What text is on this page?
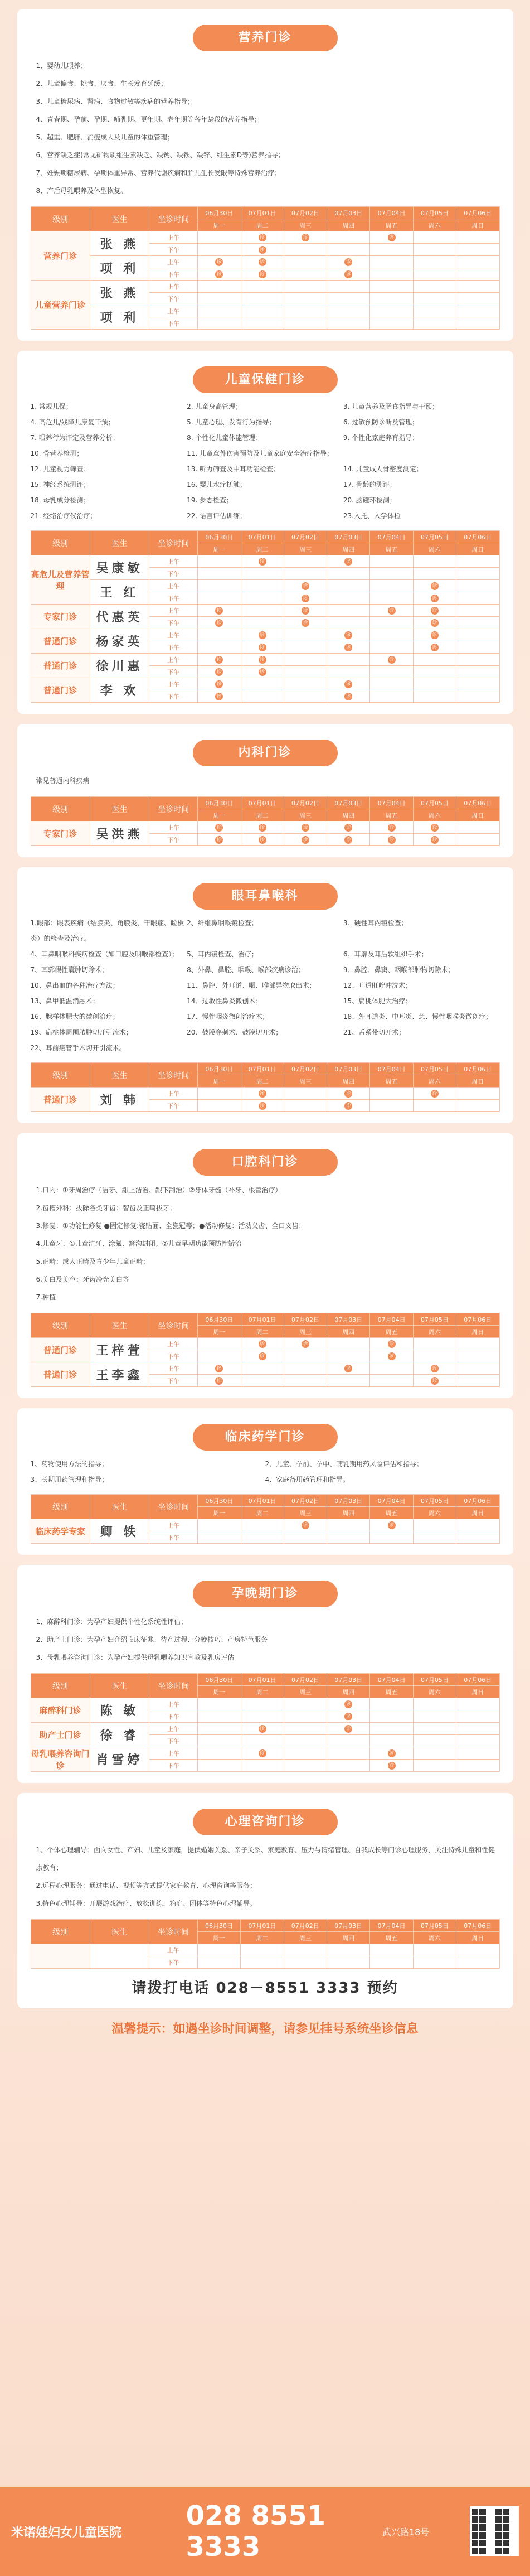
营养门诊
1、婴幼儿喂养；
2、儿童偏食、挑食、厌食、生长发育延缓；
3、儿童糖尿病、肾病、食物过敏等疾病的营养指导；
4、青春期、孕前、孕期、哺乳期、更年期、老年期等各年龄段的营养指导；
5、超重、肥胖、消瘦成人及儿童的体重管理；
6、营养缺乏症(常见矿物质维生素缺乏、缺钙、缺铁、缺锌、维生素D等)营养指导；
7、妊娠期糖尿病、孕期体重异常、营养代谢疾病和胎儿生长受限等特殊营养治疗；
8、产后母乳喂养及体型恢复。
级别	医生	坐诊时间	06月30日	07月01日	07月02日	07月03日	07月04日	07月05日	07月06日
			周一	周二	周三	周四	周五	周六	周日
营养门诊	张 燕	上午		诊	诊		诊		
		下午		诊					
	项 利	上午	诊	诊		诊			
		下午	诊	诊		诊			
儿童营养门诊	张 燕	上午							
		下午							
	项 利	上午							
		下午							
儿童保健门诊
1. 常规儿保；	2. 儿童身高管理；	3. 儿童营养及膳食指导与干预；
4. 高危儿/残障儿康复干预；	5. 儿童心理、发育行为指导；	6. 过敏预防诊断及管理；
7. 喂养行为评定及营养分析；	8. 个性化儿童体能管理；	9. 个性化家庭养育指导；
10. 骨营养检测；	11. 儿童意外伤害预防及儿童家庭安全治疗指导；
12. 儿童视力筛查；	13. 听力筛查及中耳功能检查；	14. 儿童成人骨密度测定；
15. 神经系统测评；	16. 婴儿水疗抚触；	17. 骨龄的测评；
18. 母乳成分检测；	19. 步态检查；	20. 脑磁环检测；
21. 经络治疗仪治疗；	22. 语言评估训练；	23.入托、入学体检
级别	医生	坐诊时间	06月30日	07月01日	07月02日	07月03日	07月04日	07月05日	07月06日
			周一	周二	周三	周四	周五	周六	周日
高危儿及营养管理	吴康敏	上午		诊		诊			
		下午							
	王 红	上午			诊			诊	
		下午			诊			诊	
专家门诊	代惠英	上午	诊		诊		诊	诊	
		下午	诊		诊			诊	
普通门诊	杨家英	上午		诊		诊		诊	
		下午		诊		诊		诊	
普通门诊	徐川惠	上午	诊	诊			诊		
		下午	诊	诊					
普通门诊	李 欢	上午	诊			诊			
		下午	诊			诊			
内科门诊
常见普通内科疾病
级别	医生	坐诊时间	06月30日	07月01日	07月02日	07月03日	07月04日	07月05日	07月06日
			周一	周二	周三	周四	周五	周六	周日
专家门诊	吴洪燕	上午	诊	诊	诊	诊	诊	诊	
		下午	诊	诊	诊	诊	诊	诊	
眼耳鼻喉科
1.眼部：眼表疾病（结膜炎、角膜炎、干眼症、睑板炎）的检查及治疗。
2、纤维鼻咽喉镜检查；	3、硬性耳内镜检查；
4、耳鼻咽喉科疾病检查（如口腔及咽喉部检查）；	5、耳内镜检查、治疗；	6、耳廓及耳后软组织手术；
7、耳郭假性囊肿切除术；	8、外鼻、鼻腔、咽喉、喉部疾病诊治；	9、鼻腔、鼻窦、咽喉部肿物切除术；
10、鼻出血的各种治疗方法；	11、鼻腔、外耳道、咽、喉部异物取出术；	12、耳道盯咛冲洗术；
13、鼻甲低温消融术；	14、过敏性鼻炎微创术；	15、扁桃体肥大治疗；
16、腺样体肥大的微创治疗；	17、慢性咽炎微创治疗术；	18、外耳道炎、中耳炎、急、慢性咽喉炎微创疗；
19、扁桃体周围脓肿切开引流术；	20、鼓膜穿刺术、鼓膜切开术；	21、舌系带切开术；
22、耳前瘘管手术切开引流术。
级别	医生	坐诊时间	06月30日	07月01日	07月02日	07月03日	07月04日	07月05日	07月06日
			周一	周二	周三	周四	周五	周六	周日
普通门诊	刘 韩	上午		诊		诊		诊	
		下午		诊		诊			
口腔科门诊
1.口内：①牙周治疗（洁牙、龈上洁治、龈下刮治）②牙体牙髓（补牙、根管治疗）
2.齿槽外科：拔除各类牙齿：智齿及正畸拔牙；
3.修复：①功能性修复 ●固定修复:瓷贴面、全瓷冠等；●活动修复：活动义齿、全口义齿；
4.儿童牙：①儿童洁牙、涂氟、窝沟封闭；②儿童早期功能预防性矫治
5.正畸：成人正畸及青少年儿童正畸；
6.美白及美容：牙齿冷光美白等
7.种植
级别	医生	坐诊时间	06月30日	07月01日	07月02日	07月03日	07月04日	07月05日	07月06日
			周一	周二	周三	周四	周五	周六	周日
普通门诊	王梓萱	上午		诊	诊		诊		
		下午		诊			诊		
普通门诊	王李鑫	上午	诊			诊		诊	
		下午	诊					诊	
临床药学门诊
1、药物使用方法的指导；	2、儿童、孕前、孕中、哺乳期用药风险评估和指导；
3、长期用药管理和指导；	4、家庭备用药管理和指导。
级别	医生	坐诊时间	06月30日	07月01日	07月02日	07月03日	07月04日	07月05日	07月06日
			周一	周二	周三	周四	周五	周六	周日
临床药学专家	卿 轶	上午			诊		诊		
		下午							
孕晚期门诊
1、麻醉科门诊：为孕产妇提供个性化系统性评估；
2、助产士门诊：为孕产妇介绍临床征兆、待产过程、分娩技巧、产房特色服务
3、母乳喂养咨询门诊：为孕产妇提供母乳喂养知识宣教及乳房评估
级别	医生	坐诊时间	06月30日	07月01日	07月02日	07月03日	07月04日	07月05日	07月06日
			周一	周二	周三	周四	周五	周六	周日
麻醉科门诊	陈 敏	上午				诊			
		下午				诊			
助产士门诊	徐 睿	上午		诊		诊			
		下午							
母乳喂养咨询门诊	肖雪婷	上午		诊			诊		
		下午					诊		
心理咨询门诊
1、个体心理辅导：面向女性、产妇、儿童及家庭，提供婚姻关系、亲子关系、家庭教育、压力与情绪管理、自我成长等门诊心理服务，关注特殊儿童和性健康教育；
2.远程心理服务：通过电话、视频等方式提供家庭教育、心理咨询等服务；
3.特色心理辅导：开展游戏治疗、放松训练、箱庭、团体等特色心理辅导。
级别	医生	坐诊时间	06月30日	07月01日	07月02日	07月03日	07月04日	07月05日	07月06日
			周一	周二	周三	周四	周五	周六	周日
		上午							
		下午							
请拨打电话 028－8551 3333 预约
温馨提示：如遇坐诊时间调整，请参见挂号系统坐诊信息
米诺娃妇女儿童医院
028 8551 3333	武兴路18号
